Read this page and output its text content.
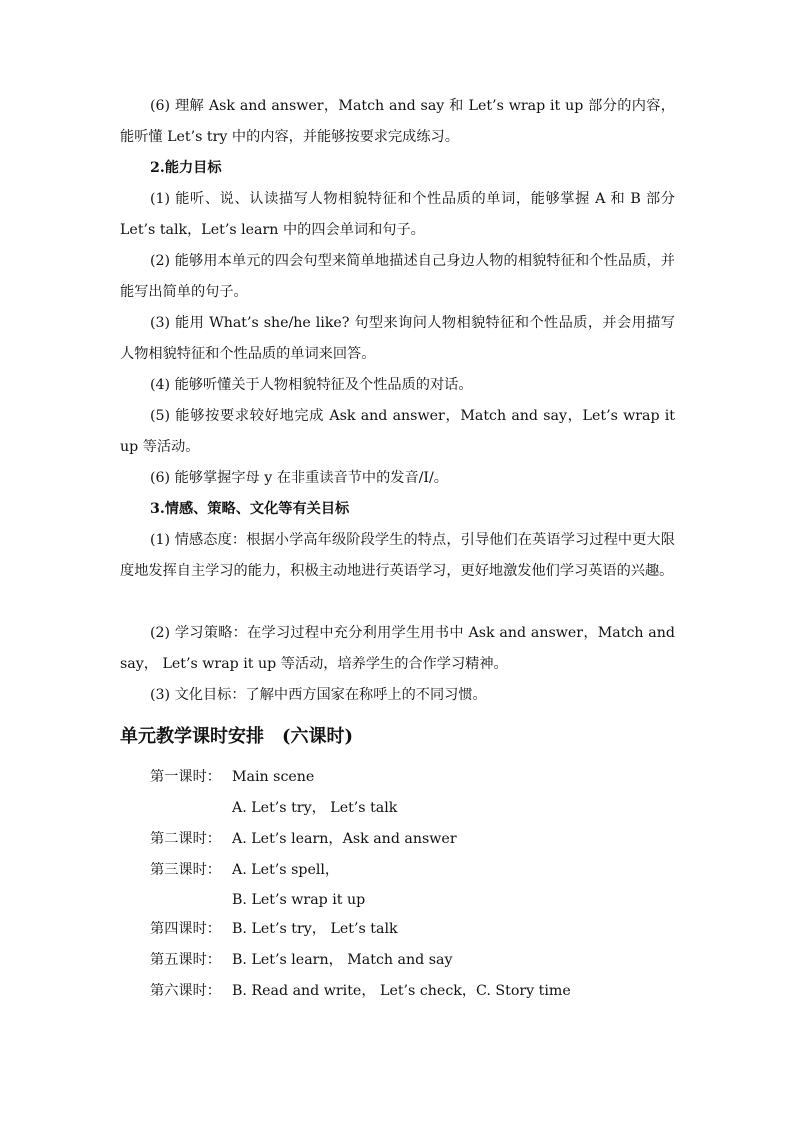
(6) 理解 Ask and answer，Match and say 和 Let’s wrap it up 部分的内容，能听懂 Let’s try 中的内容，并能够按要求完成练习。

2.能力目标

(1) 能听、说、认读描写人物相貌特征和个性品质的单词，能够掌握 A 和 B 部分 Let’s talk，Let’s learn 中的四会单词和句子。

(2) 能够用本单元的四会句型来简单地描述自己身边人物的相貌特征和个性品质，并能写出简单的句子。

(3) 能用 What’s she/he like? 句型来询问人物相貌特征和个性品质，并会用描写人物相貌特征和个性品质的单词来回答。

(4) 能够听懂关于人物相貌特征及个性品质的对话。

(5) 能够按要求较好地完成 Ask and answer，Match and say，Let’s wrap it up 等活动。

(6) 能够掌握字母 y 在非重读音节中的发音/I/。

3.情感、策略、文化等有关目标

(1) 情感态度：根据小学高年级阶段学生的特点，引导他们在英语学习过程中更大限度地发挥自主学习的能力，积极主动地进行英语学习，更好地激发他们学习英语的兴趣。

(2) 学习策略：在学习过程中充分利用学生用书中 Ask and answer，Match and say， Let’s wrap it up 等活动，培养学生的合作学习精神。

(3) 文化目标：了解中西方国家在称呼上的不同习惯。

单元教学课时安排　(六课时)

第一课时： Main scene
A. Let’s try， Let’s talk
第二课时： A. Let’s learn，Ask and answer
第三课时： A. Let’s spell，
B. Let’s wrap it up
第四课时： B. Let’s try， Let’s talk
第五课时： B. Let’s learn， Match and say
第六课时： B. Read and write， Let’s check，C. Story time
